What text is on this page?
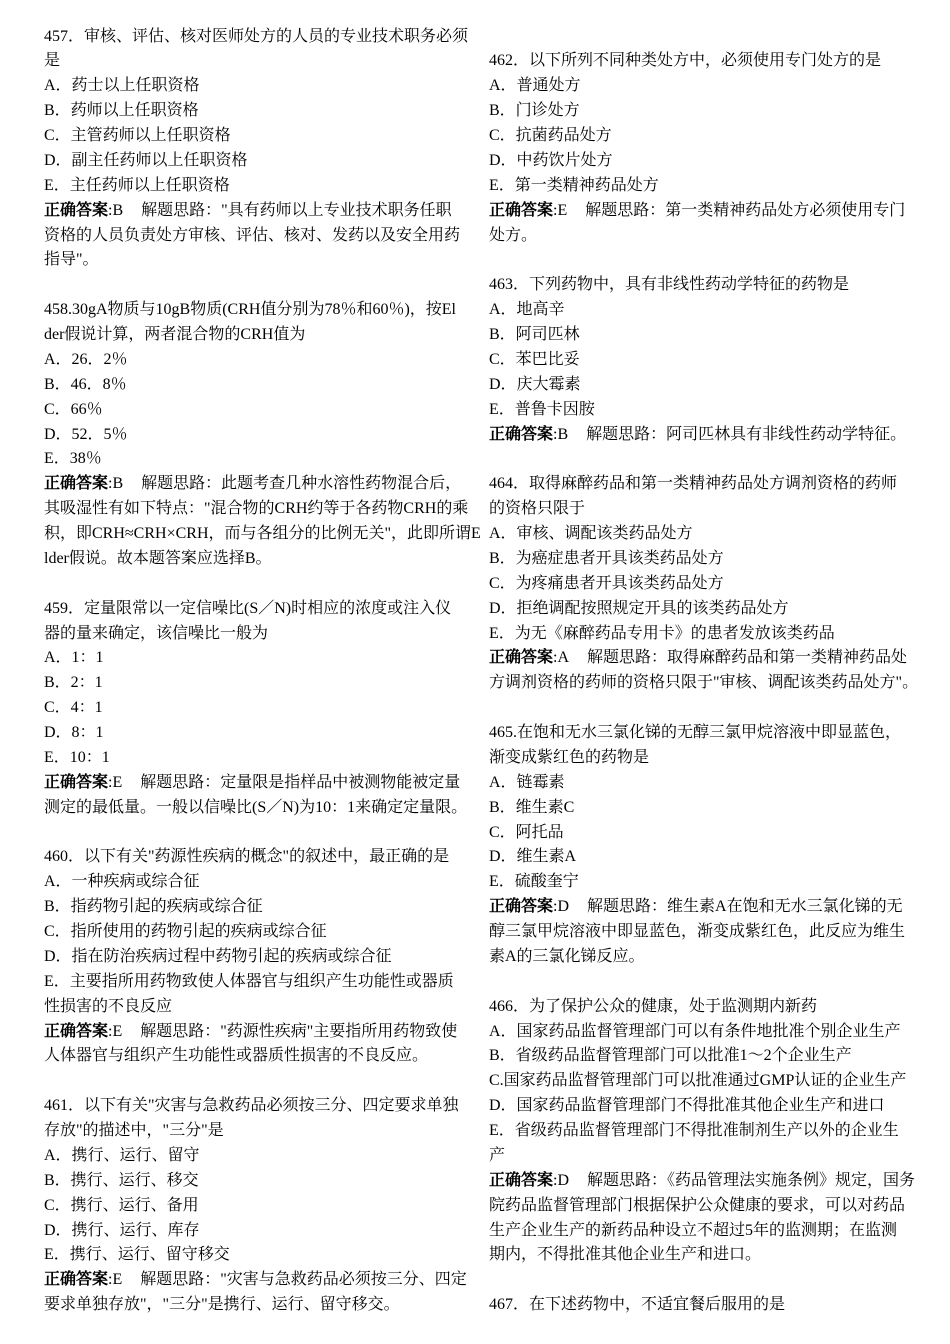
457．审核、评估、核对医师处方的人员的专业技术职务必须
是
A．药士以上任职资格
B．药师以上任职资格
C．主管药师以上任职资格
D．副主任药师以上任职资格
E．主任药师以上任职资格
正确答案:B 解题思路："具有药师以上专业技术职务任职
资格的人员负责处方审核、评估、核对、发药以及安全用药
指导"。
458.30gA物质与10gB物质(CRH值分别为78％和60％)，按El
der假说计算，两者混合物的CRH值为
A．26．2％
B．46．8％
C．66％
D．52．5％
E．38％
正确答案:B 解题思路：此题考查几种水溶性药物混合后，
其吸湿性有如下特点："混合物的CRH约等于各药物CRH的乘
积，即CRH≈CRH×CRH，而与各组分的比例无关"，此即所谓E
lder假说。故本题答案应选择B。
459．定量限常以一定信噪比(S／N)时相应的浓度或注入仪
器的量来确定，该信噪比一般为
A．1：1
B．2：1
C．4：1
D．8：1
E．10：1
正确答案:E 解题思路：定量限是指样品中被测物能被定量
测定的最低量。一般以信噪比(S／N)为10：1来确定定量限。
460．以下有关"药源性疾病的概念"的叙述中，最正确的是
A．一种疾病或综合征
B．指药物引起的疾病或综合征
C．指所使用的药物引起的疾病或综合征
D．指在防治疾病过程中药物引起的疾病或综合征
E．主要指所用药物致使人体器官与组织产生功能性或器质
性损害的不良反应
正确答案:E 解题思路："药源性疾病"主要指所用药物致使
人体器官与组织产生功能性或器质性损害的不良反应。
461．以下有关"灾害与急救药品必须按三分、四定要求单独
存放"的描述中，"三分"是
A．携行、运行、留守
B．携行、运行、移交
C．携行、运行、备用
D．携行、运行、库存
E．携行、运行、留守移交
正确答案:E 解题思路："灾害与急救药品必须按三分、四定
要求单独存放"，"三分"是携行、运行、留守移交。
462．以下所列不同种类处方中，必须使用专门处方的是
A．普通处方
B．门诊处方
C．抗菌药品处方
D．中药饮片处方
E．第一类精神药品处方
正确答案:E 解题思路：第一类精神药品处方必须使用专门
处方。
463．下列药物中，具有非线性药动学特征的药物是
A．地高辛
B．阿司匹林
C．苯巴比妥
D．庆大霉素
E．普鲁卡因胺
正确答案:B 解题思路：阿司匹林具有非线性药动学特征。
464．取得麻醉药品和第一类精神药品处方调剂资格的药师
的资格只限于
A．审核、调配该类药品处方
B．为癌症患者开具该类药品处方
C．为疼痛患者开具该类药品处方
D．拒绝调配按照规定开具的该类药品处方
E．为无《麻醉药品专用卡》的患者发放该类药品
正确答案:A 解题思路：取得麻醉药品和第一类精神药品处
方调剂资格的药师的资格只限于"审核、调配该类药品处方"。
465.在饱和无水三氯化锑的无醇三氯甲烷溶液中即显蓝色，
渐变成紫红色的药物是
A．链霉素
B．维生素C
C．阿托品
D．维生素A
E．硫酸奎宁
正确答案:D 解题思路：维生素A在饱和无水三氯化锑的无
醇三氯甲烷溶液中即显蓝色，渐变成紫红色，此反应为维生
素A的三氯化锑反应。
466．为了保护公众的健康，处于监测期内新药
A．国家药品监督管理部门可以有条件地批准个别企业生产
B．省级药品监督管理部门可以批准1～2个企业生产
C.国家药品监督管理部门可以批准通过GMP认证的企业生产
D．国家药品监督管理部门不得批准其他企业生产和进口
E．省级药品监督管理部门不得批准制剂生产以外的企业生
产
正确答案:D 解题思路：《药品管理法实施条例》规定，国务
院药品监督管理部门根据保护公众健康的要求，可以对药品
生产企业生产的新药品种设立不超过5年的监测期；在监测
期内，不得批准其他企业生产和进口。
467．在下述药物中，不适宜餐后服用的是
